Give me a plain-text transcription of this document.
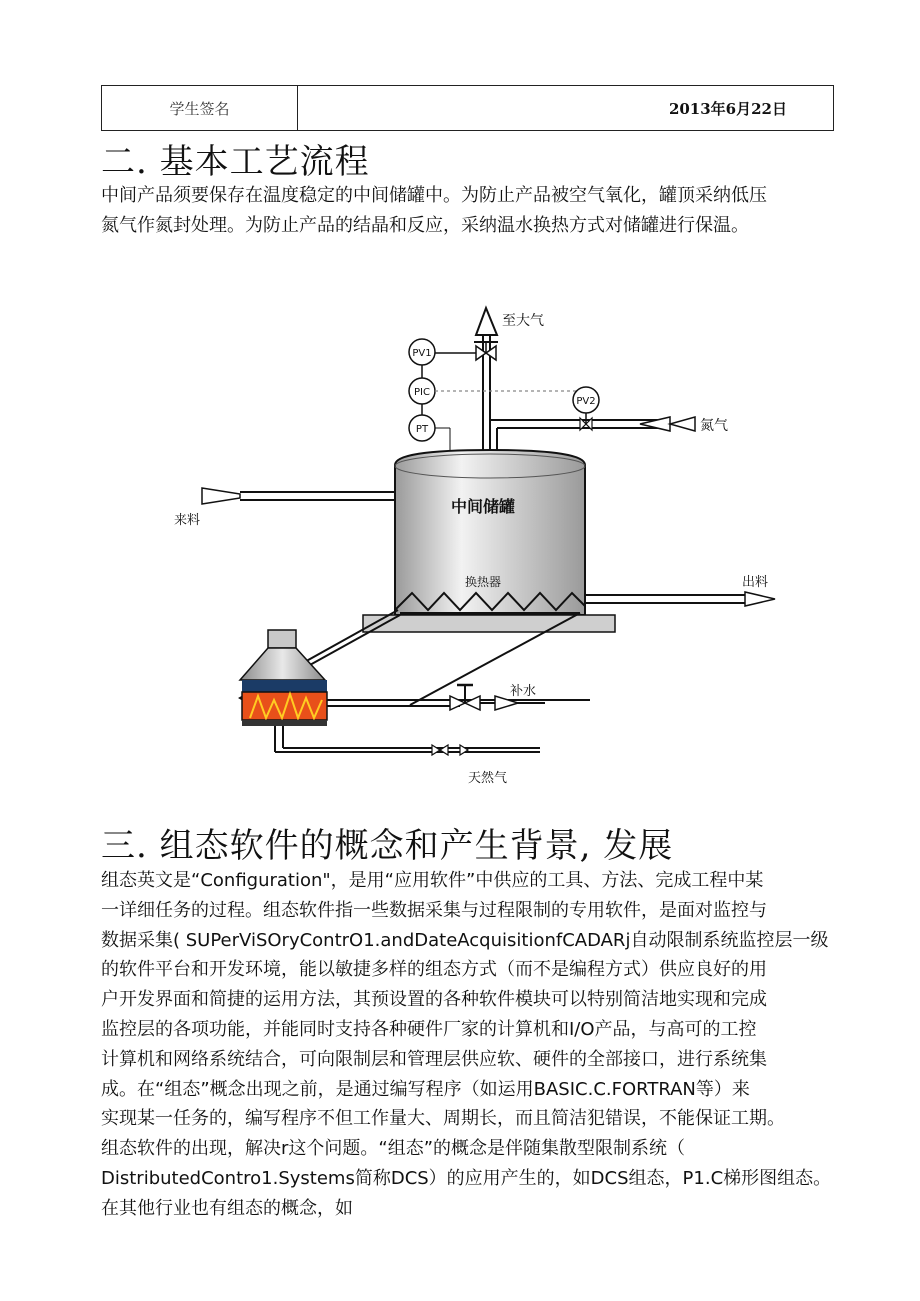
学生签名	2013年6月22日
二. 基本工艺流程
中间产品须要保存在温度稳定的中间储罐中。为防止产品被空气氧化，罐顶采纳低压
氮气作氮封处理。为防止产品的结晶和反应，采纳温水换热方式对储罐进行保温。
至大气
PV1
PIC
PT
PV2
氮气
中间储罐
换热器
来料
出料
补水
天然气
三. 组态软件的概念和产生背景, 发展
组态英文是“Configuration"，是用“应用软件”中供应的工具、方法、完成工程中某
一详细任务的过程。组态软件指一些数据采集与过程限制的专用软件，是面对监控与
数据采集( SUPerViSOryContrO1.andDateAcquisitionfCADARj自动限制系统监控层一级
的软件平台和开发环境，能以敏捷多样的组态方式（而不是编程方式）供应良好的用
户开发界面和简捷的运用方法，其预设置的各种软件模块可以特别简洁地实现和完成
监控层的各项功能，并能同时支持各种硬件厂家的计算机和I/O产品，与高可的工控
计算机和网络系统结合，可向限制层和管理层供应软、硬件的全部接口，进行系统集
成。在“组态”概念出现之前，是通过编写程序（如运用BASIC.C.FORTRAN等）来
实现某一任务的，编写程序不但工作量大、周期长，而且简洁犯错误，不能保证工期。
组态软件的出现，解决r这个问题。“组态”的概念是伴随集散型限制系统（
DistributedContro1.Systems简称DCS）的应用产生的，如DCS组态，P1.C梯形图组态。
在其他行业也有组态的概念，如
